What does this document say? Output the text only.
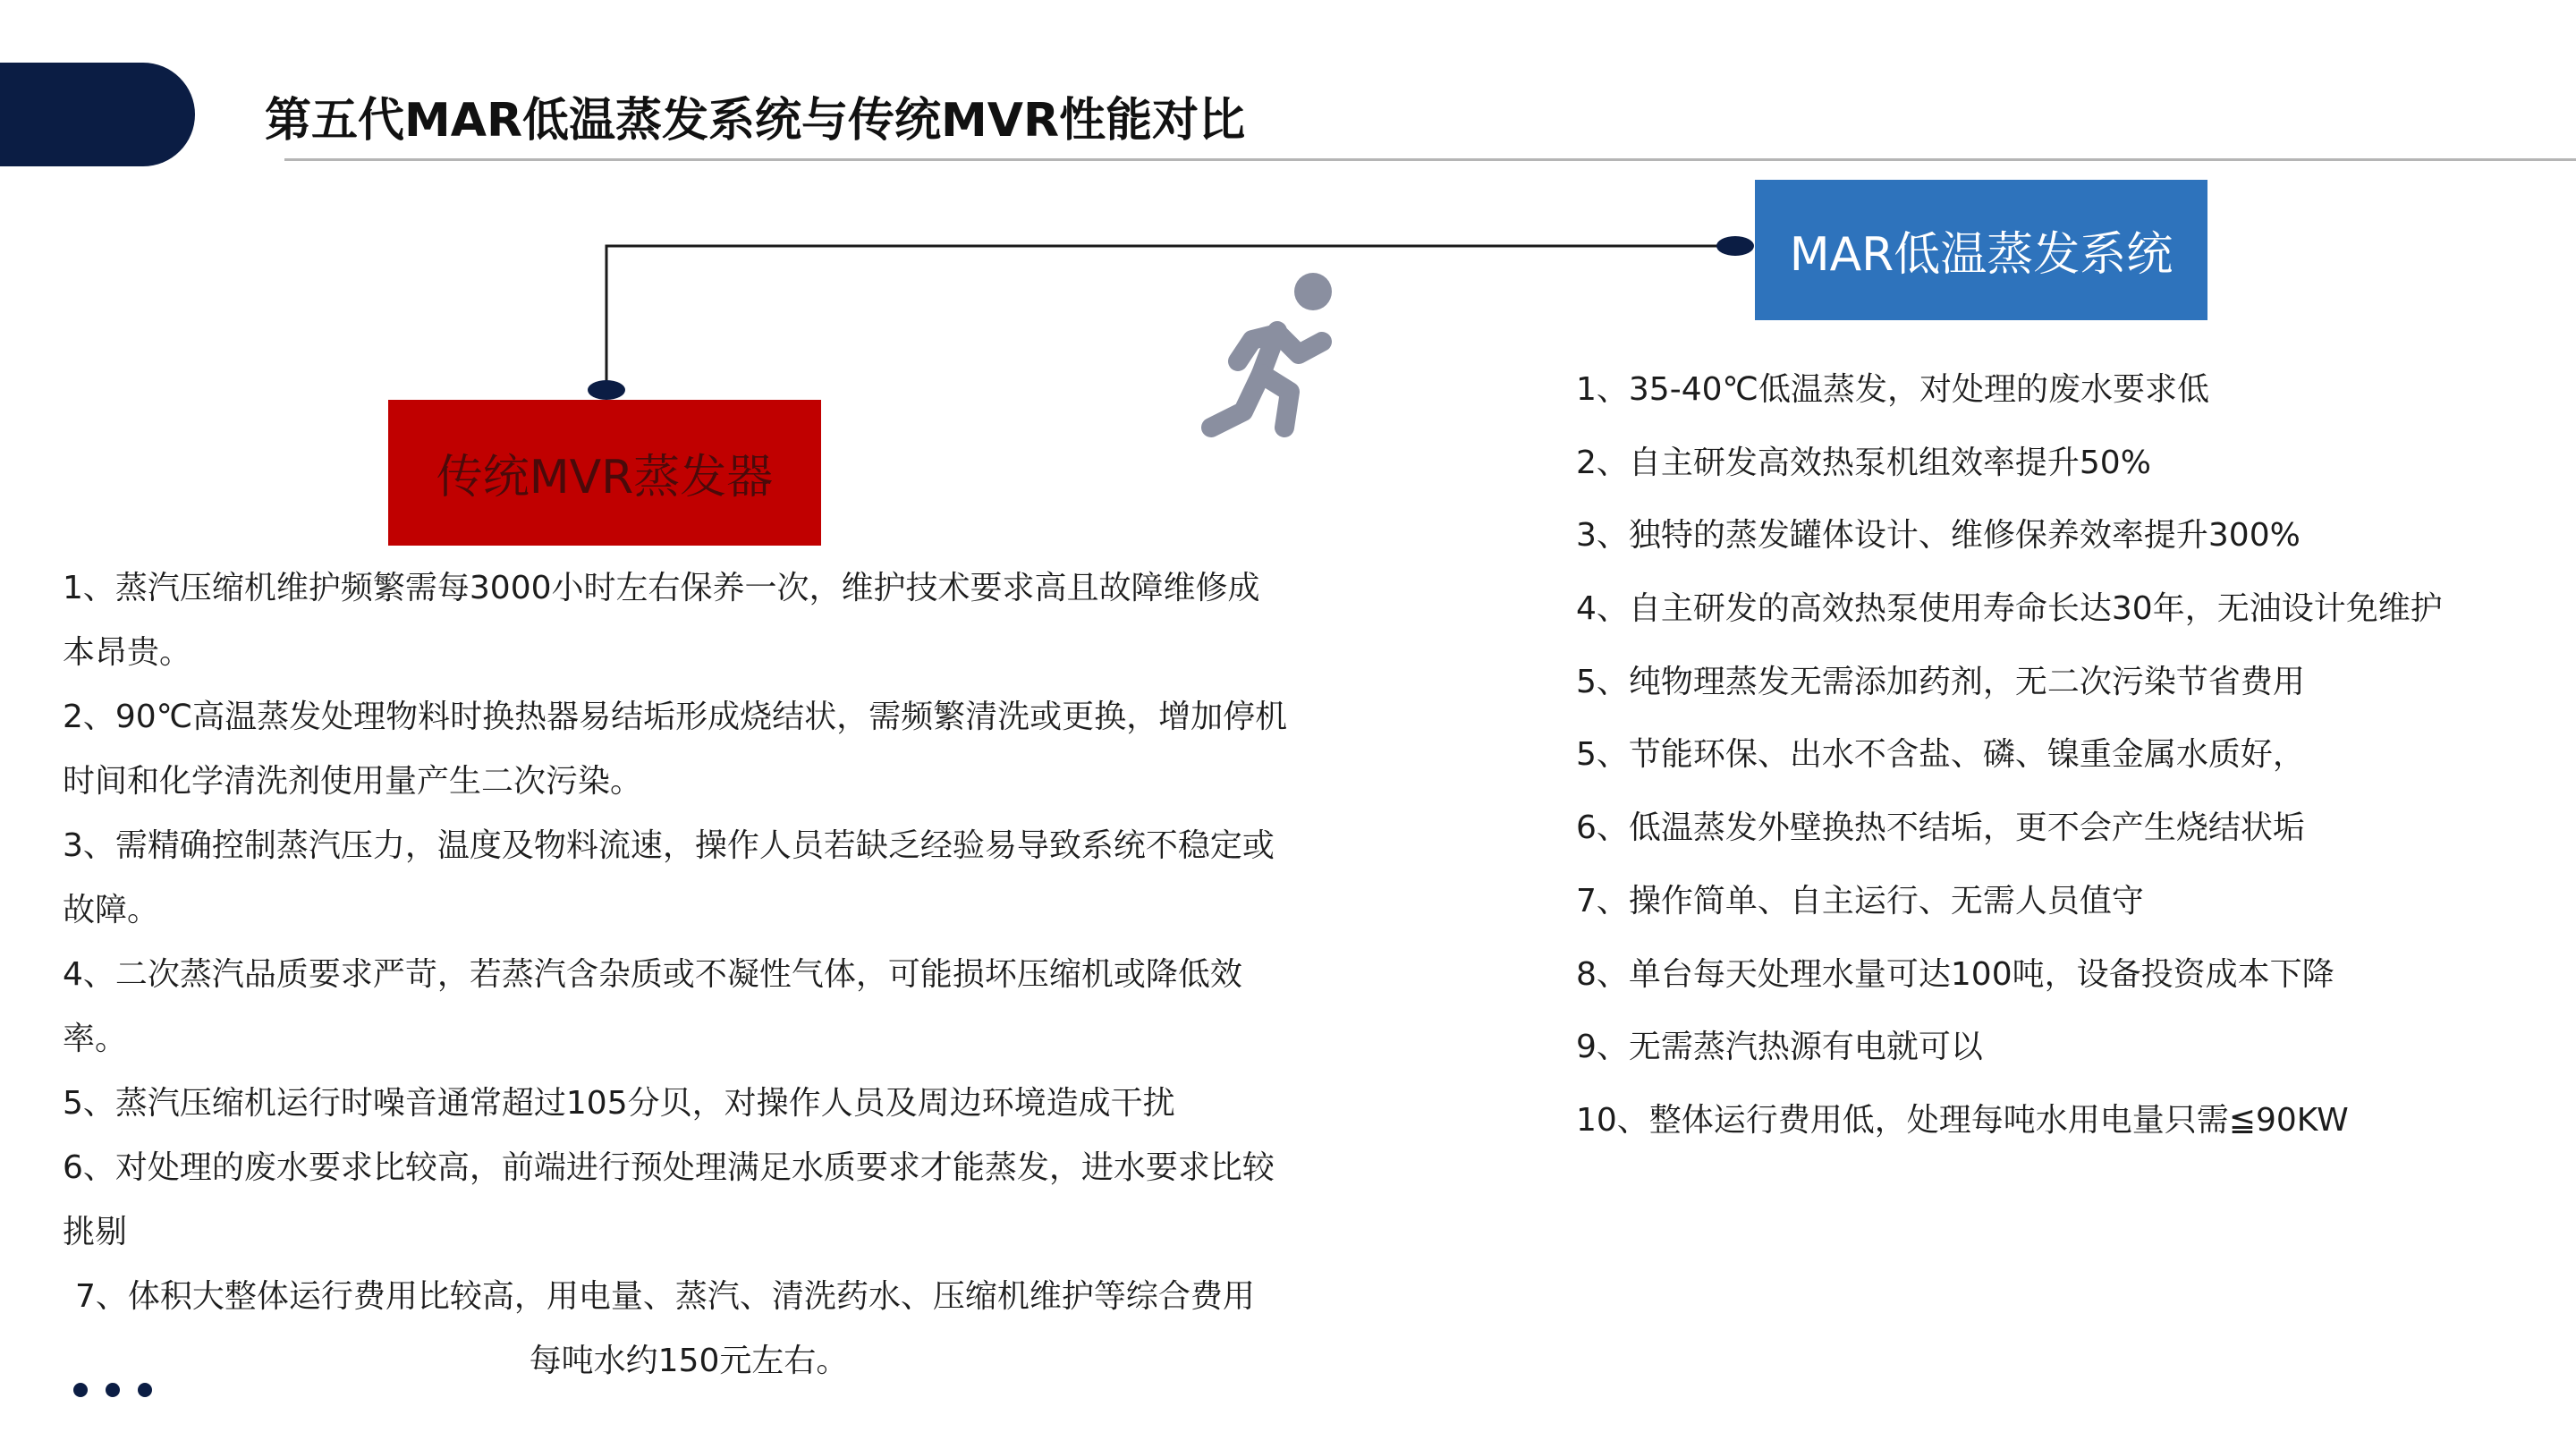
第五代MAR低温蒸发系统与传统MVR性能对比
MAR低温蒸发系统
传统MVR蒸发器

1、蒸汽压缩机维护频繁需每3000小时左右保养一次，维护技术要求高且故障维修成本昂贵。

2、90℃高温蒸发处理物料时换热器易结垢形成烧结状，需频繁清洗或更换，增加停机时间和化学清洗剂使用量产生二次污染。

3、需精确控制蒸汽压力，温度及物料流速，操作人员若缺乏经验易导致系统不稳定或故障。

4、二次蒸汽品质要求严苛，若蒸汽含杂质或不凝性气体，可能损坏压缩机或降低效率。

5、蒸汽压缩机运行时噪音通常超过105分贝，对操作人员及周边环境造成干扰

6、对处理的废水要求比较高，前端进行预处理满足水质要求才能蒸发，进水要求比较挑剔

7、体积大整体运行费用比较高，用电量、蒸汽、清洗药水、压缩机维护等综合费用

每吨水约150元左右。

1、35-40℃低温蒸发，对处理的废水要求低

2、自主研发高效热泵机组效率提升50%

3、独特的蒸发罐体设计、维修保养效率提升300%

4、自主研发的高效热泵使用寿命长达30年，无油设计免维护

5、纯物理蒸发无需添加药剂，无二次污染节省费用

5、节能环保、出水不含盐、磷、镍重金属水质好，

6、低温蒸发外壁换热不结垢，更不会产生烧结状垢

7、操作简单、自主运行、无需人员值守

8、单台每天处理水量可达100吨，设备投资成本下降

9、无需蒸汽热源有电就可以

10、整体运行费用低，处理每吨水用电量只需≦90KW
